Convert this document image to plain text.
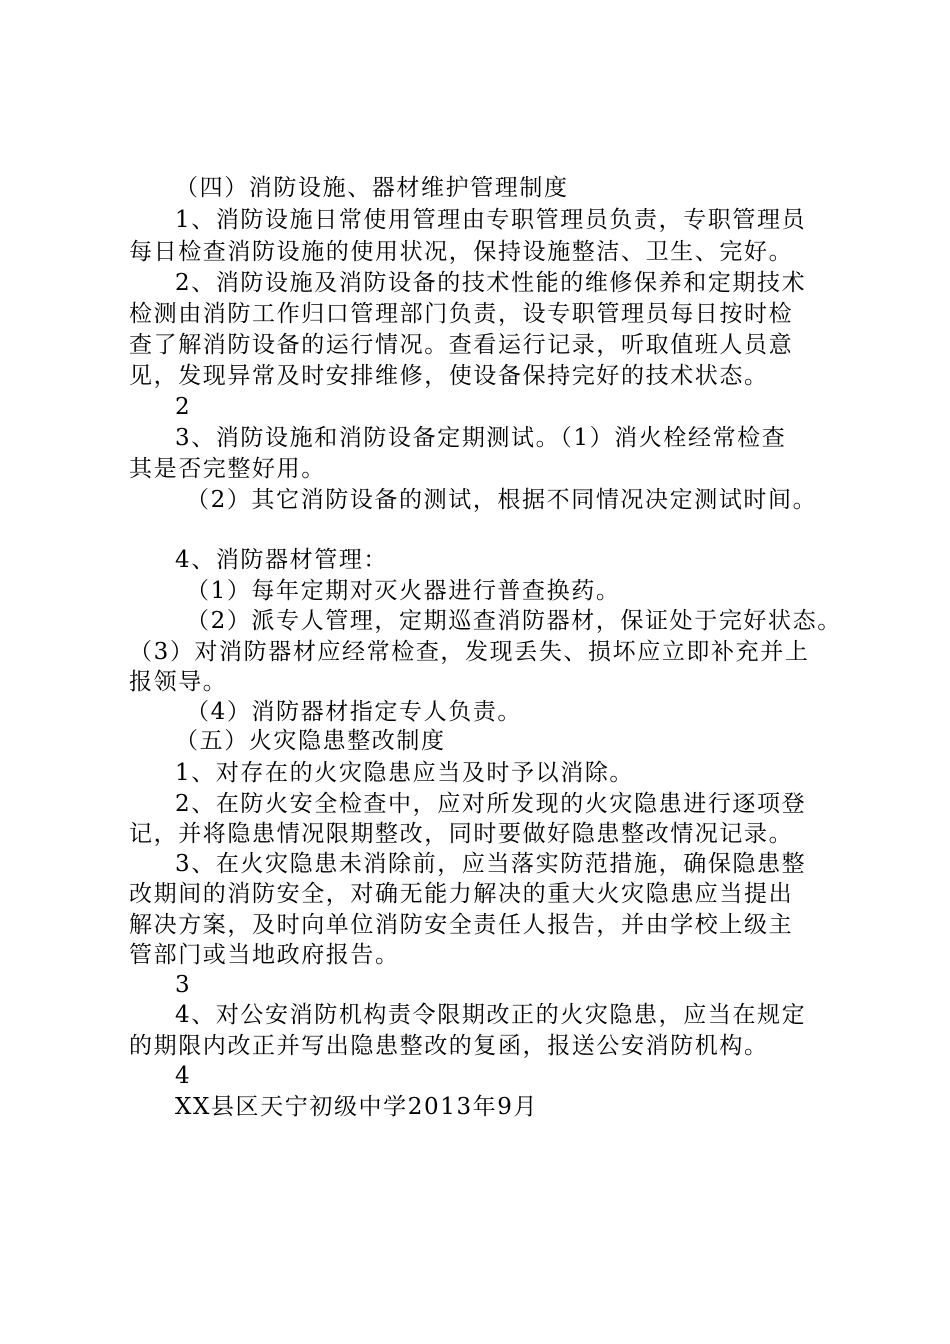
（四）消防设施、器材维护管理制度
1、消防设施日常使用管理由专职管理员负责，专职管理员
每日检查消防设施的使用状况，保持设施整洁、卫生、完好。
2、消防设施及消防设备的技术性能的维修保养和定期技术
检测由消防工作归口管理部门负责，设专职管理员每日按时检
查了解消防设备的运行情况。查看运行记录，听取值班人员意
见，发现异常及时安排维修，使设备保持完好的技术状态。
2
3、消防设施和消防设备定期测试。（1）消火栓经常检查
其是否完整好用。
（2）其它消防设备的测试，根据不同情况决定测试时间。
4、消防器材管理：
（1）每年定期对灭火器进行普查换药。
（2）派专人管理，定期巡查消防器材，保证处于完好状态。
（3）对消防器材应经常检查，发现丢失、损坏应立即补充并上
报领导。
（4）消防器材指定专人负责。
（五）火灾隐患整改制度
1、对存在的火灾隐患应当及时予以消除。
2、在防火安全检查中，应对所发现的火灾隐患进行逐项登
记，并将隐患情况限期整改，同时要做好隐患整改情况记录。
3、在火灾隐患未消除前，应当落实防范措施，确保隐患整
改期间的消防安全，对确无能力解决的重大火灾隐患应当提出
解决方案，及时向单位消防安全责任人报告，并由学校上级主
管部门或当地政府报告。
3
4、对公安消防机构责令限期改正的火灾隐患，应当在规定
的期限内改正并写出隐患整改的复函，报送公安消防机构。
4
XX县区天宁初级中学2013年9月
